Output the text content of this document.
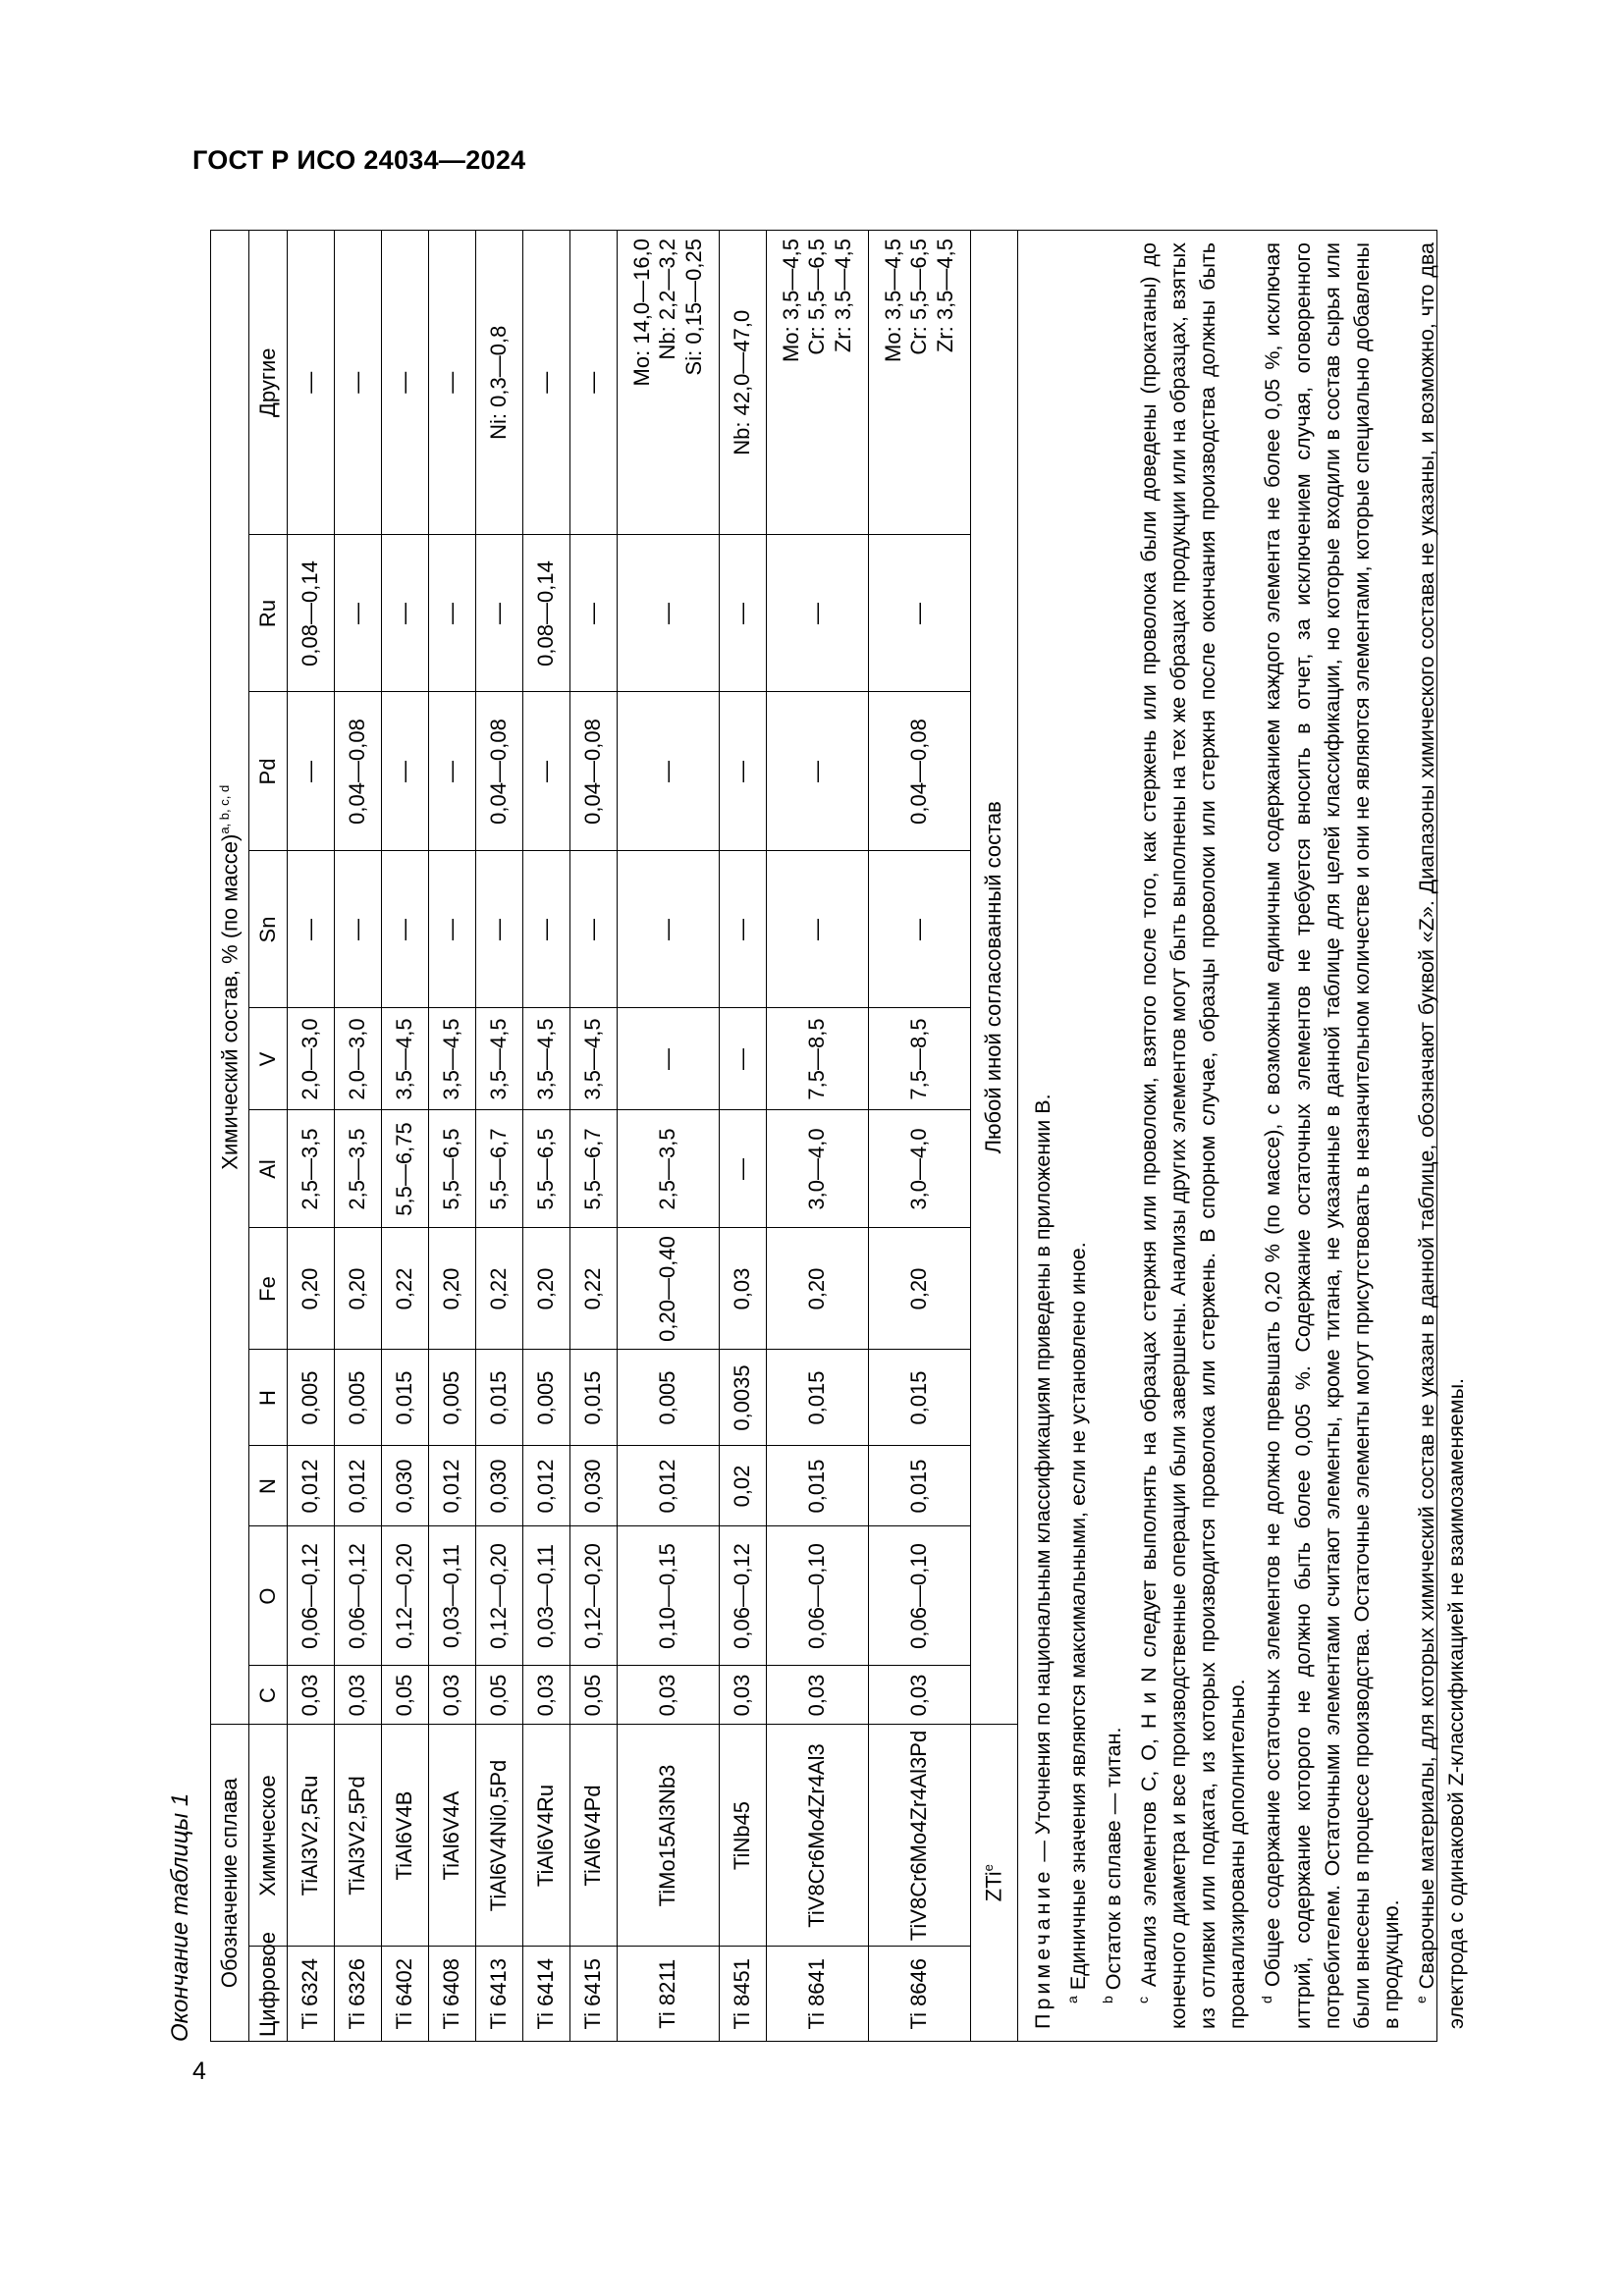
ГОСТ Р ИСО 24034—2024
4
Окончание таблицы 1 Обозначение сплава		Химический состав, % (по массе)$^{a, b, c, d}$
Цифровое	Химическое	C	O	N	H	Fe	Al	V	Sn	Pd	Ru	Другие
Ti 6324	TiAl3V2,5Ru	0,03	0,06—0,12	0,012	0,005	0,20	2,5—3,5	2,0—3,0	—	—	0,08—0,14	—
Ti 6326	TiAl3V2,5Pd	0,03	0,06—0,12	0,012	0,005	0,20	2,5—3,5	2,0—3,0	—	0,04—0,08	—	—
Ti 6402	TiAl6V4B	0,05	0,12—0,20	0,030	0,015	0,22	5,5—6,75	3,5—4,5	—	—	—	—
Ti 6408	TiAl6V4A	0,03	0,03—0,11	0,012	0,005	0,20	5,5—6,5	3,5—4,5	—	—	—	—
Ti 6413	TiAl6V4Ni0,5Pd	0,05	0,12—0,20	0,030	0,015	0,22	5,5—6,7	3,5—4,5	—	0,04—0,08	—	Ni: 0,3—0,8
Ti 6414	TiAl6V4Ru	0,03	0,03—0,11	0,012	0,005	0,20	5,5—6,5	3,5—4,5	—	—	0,08—0,14	—
Ti 6415	TiAl6V4Pd	0,05	0,12—0,20	0,030	0,015	0,22	5,5—6,7	3,5—4,5	—	0,04—0,08	—	—
Ti 8211	TiMo15Al3Nb3	0,03	0,10—0,15	0,012	0,005	0,20—0,40	2,5—3,5	—	—	—	—	Mo: 14,0—16,0 Nb: 2,2—3,2 Si: 0,15—0,25

Ti 8451	TiNb45	0,03	0,06—0,12	0,02	0,0035	0,03	—	—	—	—	—	Nb: 42,0—47,0
Ti 8641	TiV8Cr6Mo4Zr4Al3	0,03	0,06—0,10	0,015	0,015	0,20	3,0—4,0	7,5—8,5	—	—	—	Mo: 3,5—4,5 Cr: 5,5—6,5 Zr: 3,5—4,5

Ti 8646	TiV8Cr6Mo4Zr4Al3Pd	0,03	0,06—0,10	0,015	0,015	0,20	3,0—4,0	7,5—8,5	—	0,04—0,08	—	Mo: 3,5—4,5 Cr: 5,5—6,5 Zr: 3,5—4,5

ZTi$^e$		Любой иной согласованный состав										

Примечание — Уточнения по национальным классификациям приведены в приложении B.

$^a$ Единичные значения являются максимальными, если не установлено иное.

$^b$ Остаток в сплаве — титан.

$^c$ Анализ элементов C, O, H и N следует выполнять на образцах стержня или проволоки, взятого после того, как стержень или проволока были доведены (прокатаны) до конечного диаметра и все производственные операции были завершены. Анализы других элементов могут быть выполнены на тех же образцах продукции или на образцах, взятых из отливки или подката, из которых производится проволока или стержень. В спорном случае, образцы проволоки или стержня после окончания производства должны быть проанализированы дополнительно. $^d$ Общее содержание остаточных элементов не должно превышать 0,20 % (по массе), с возможным единичным содержанием каждого элемента не более 0,05 %, исключая иттрий, содержание которого не должно быть более 0,005 %. Содержание остаточных элементов не требуется вносить в отчет, за исключением случая, оговоренного потребителем. Остаточными элементами считают элементы, кроме титана, не указанные в данной таблице для целей классификации, но которые входили в состав сырья или были внесены в процессе производства. Остаточные элементы могут присутствовать в незначительном количестве и они не являются элементами, которые специально добавлены в продукцию. $^e$ Сварочные материалы, для которых химический состав не указан в данной таблице, обозначают буквой «Z». Диапазоны химического состава не указаны, и возможно, что два электрода с одинаковой Z-классификацией не взаимозаменяемы.
